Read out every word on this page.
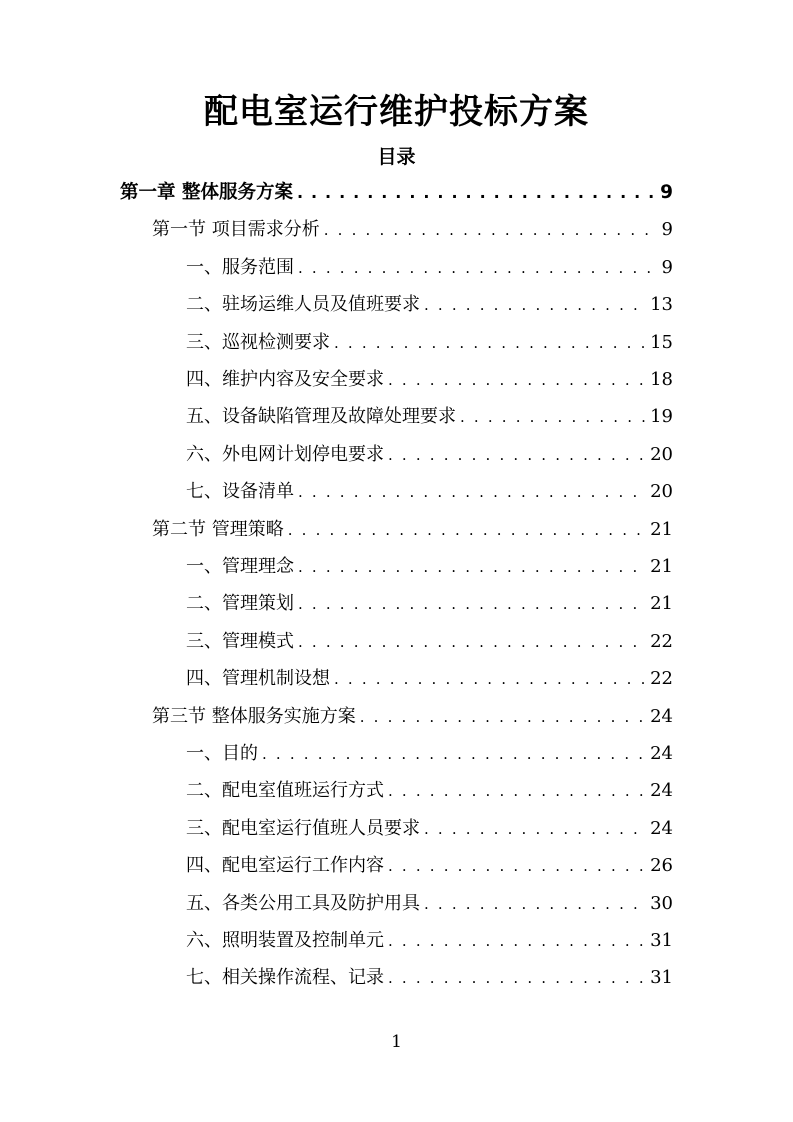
配电室运行维护投标方案
目录
第一章 整体服务方案 . . .	9
第一节 项目需求分析 . . .	9
一、服务范围 . . .	9
二、驻场运维人员及值班要求 . . .	13
三、巡视检测要求 . . .	15
四、维护内容及安全要求 . . .	18
五、设备缺陷管理及故障处理要求 . . .	19
六、外电网计划停电要求 . . .	20
七、设备清单 . . .	20
第二节 管理策略 . . .	21
一、管理理念 . . .	21
二、管理策划 . . .	21
三、管理模式 . . .	22
四、管理机制设想 . . .	22
第三节 整体服务实施方案 . . .	24
一、目的 . . .	24
二、配电室值班运行方式 . . .	24
三、配电室运行值班人员要求 . . .	24
四、配电室运行工作内容 . . .	26
五、各类公用工具及防护用具 . . .	30
六、照明装置及控制单元 . . .	31
七、相关操作流程、记录 . . .	31
1
